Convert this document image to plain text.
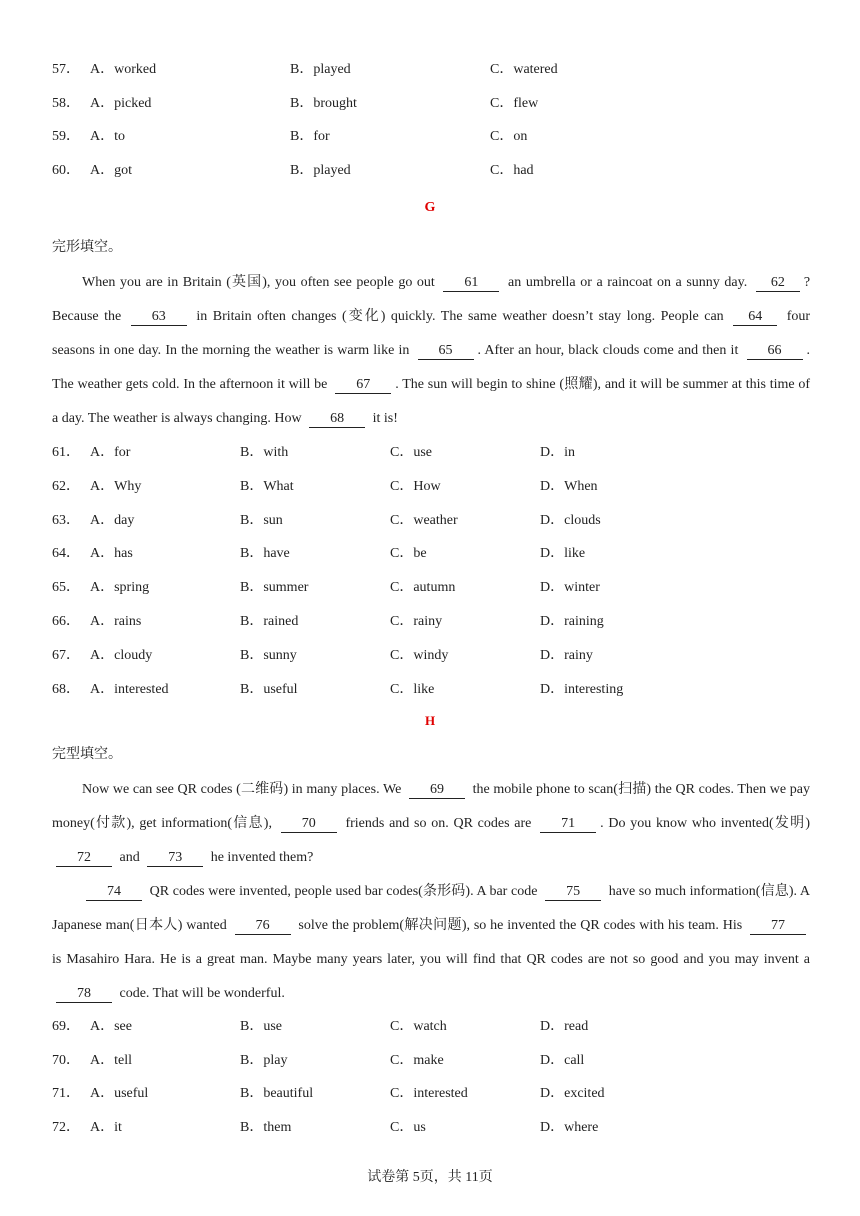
57． A．worked	B．played	C．watered
58． A．picked	B．brought	C．flew
59． A．to	B．for	C．on
60． A．got	B．played	C．had
G
完形填空。
When you are in Britain (英国), you often see people go out 61 an umbrella or a raincoat on a sunny day. 62 ? Because the 63 in Britain often changes (变化) quickly. The same weather doesn’t stay long. People can 64 four seasons in one day. In the morning the weather is warm like in 65 . After an hour, black clouds come and then it 66 . The weather gets cold. In the afternoon it will be 67 . The sun will begin to shine (照耀), and it will be summer at this time of a day. The weather is always changing. How 68 it is!
61． A．for	B．with	C．use	D．in
62． A．Why	B．What	C．How	D．When
63． A．day	B．sun	C．weather	D．clouds
64． A．has	B．have	C．be	D．like
65． A．spring	B．summer	C．autumn	D．winter
66． A．rains	B．rained	C．rainy	D．raining
67． A．cloudy	B．sunny	C．windy	D．rainy
68． A．interested	B．useful	C．like	D．interesting
H
完型填空。
Now we can see QR codes (二维码) in many places. We 69 the mobile phone to scan(扫描) the QR codes. Then we pay money(付款), get information(信息), 70 friends and so on. QR codes are 71 . Do you know who invented(发明) 72 and 73 he invented them?
74 QR codes were invented, people used bar codes(条形码). A bar code 75 have so much information(信息). A Japanese man(日本人) wanted 76 solve the problem(解决问题), so he invented the QR codes with his team. His 77 is Masahiro Hara. He is a great man. Maybe many years later, you will find that QR codes are not so good and you may invent a 78 code. That will be wonderful.
69． A．see	B．use	C．watch	D．read
70． A．tell	B．play	C．make	D．call
71． A．useful	B．beautiful	C．interested	D．excited
72． A．it	B．them	C．us	D．where
试卷第 5页，共 11页
